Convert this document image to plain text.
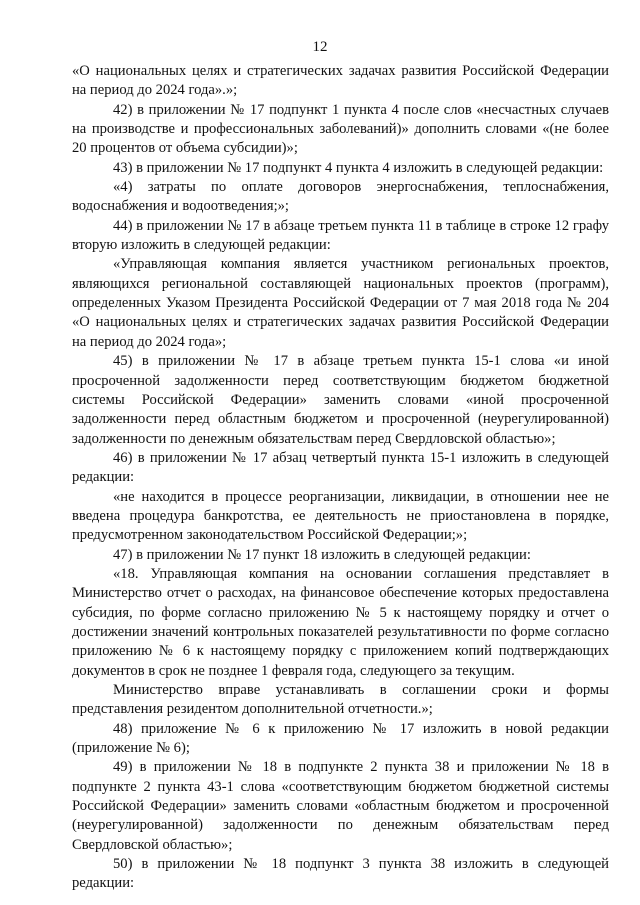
12

«О национальных целях и стратегических задачах развития Российской Федерации на период до 2024 года».»;

42) в приложении № 17 подпункт 1 пункта 4 после слов «несчастных случаев на производстве и профессиональных заболеваний)» дополнить словами «(не более 20 процентов от объема субсидии)»;

43) в приложении № 17 подпункт 4 пункта 4 изложить в следующей редакции:

«4) затраты по оплате договоров энергоснабжения, теплоснабжения, водоснабжения и водоотведения;»;

44) в приложении № 17 в абзаце третьем пункта 11 в таблице в строке 12 графу вторую изложить в следующей редакции:

«Управляющая компания является участником региональных проектов, являющихся региональной составляющей национальных проектов (программ), определенных Указом Президента Российской Федерации от 7 мая 2018 года № 204 «О национальных целях и стратегических задачах развития Российской Федерации на период до 2024 года»;

45) в приложении № 17 в абзаце третьем пункта 15-1 слова «и иной просроченной задолженности перед соответствующим бюджетом бюджетной системы Российской Федерации» заменить словами «иной просроченной задолженности перед областным бюджетом и просроченной (неурегулированной) задолженности по денежным обязательствам перед Свердловской областью»;

46) в приложении № 17 абзац четвертый пункта 15-1 изложить в следующей редакции:

«не находится в процессе реорганизации, ликвидации, в отношении нее не введена процедура банкротства, ее деятельность не приостановлена в порядке, предусмотренном законодательством Российской Федерации;»;

47) в приложении № 17 пункт 18 изложить в следующей редакции:

«18. Управляющая компания на основании соглашения представляет в Министерство отчет о расходах, на финансовое обеспечение которых предоставлена субсидия, по форме согласно приложению № 5 к настоящему порядку и отчет о достижении значений контрольных показателей результативности по форме согласно приложению № 6 к настоящему порядку с приложением копий подтверждающих документов в срок не позднее 1 февраля года, следующего за текущим.

Министерство вправе устанавливать в соглашении сроки и формы представления резидентом дополнительной отчетности.»;

48) приложение № 6 к приложению № 17 изложить в новой редакции (приложение № 6);

49) в приложении № 18 в подпункте 2 пункта 38 и приложении № 18 в подпункте 2 пункта 43-1 слова «соответствующим бюджетом бюджетной системы Российской Федерации» заменить словами «областным бюджетом и просроченной (неурегулированной) задолженности по денежным обязательствам перед Свердловской областью»;

50) в приложении № 18 подпункт 3 пункта 38 изложить в следующей редакции:
